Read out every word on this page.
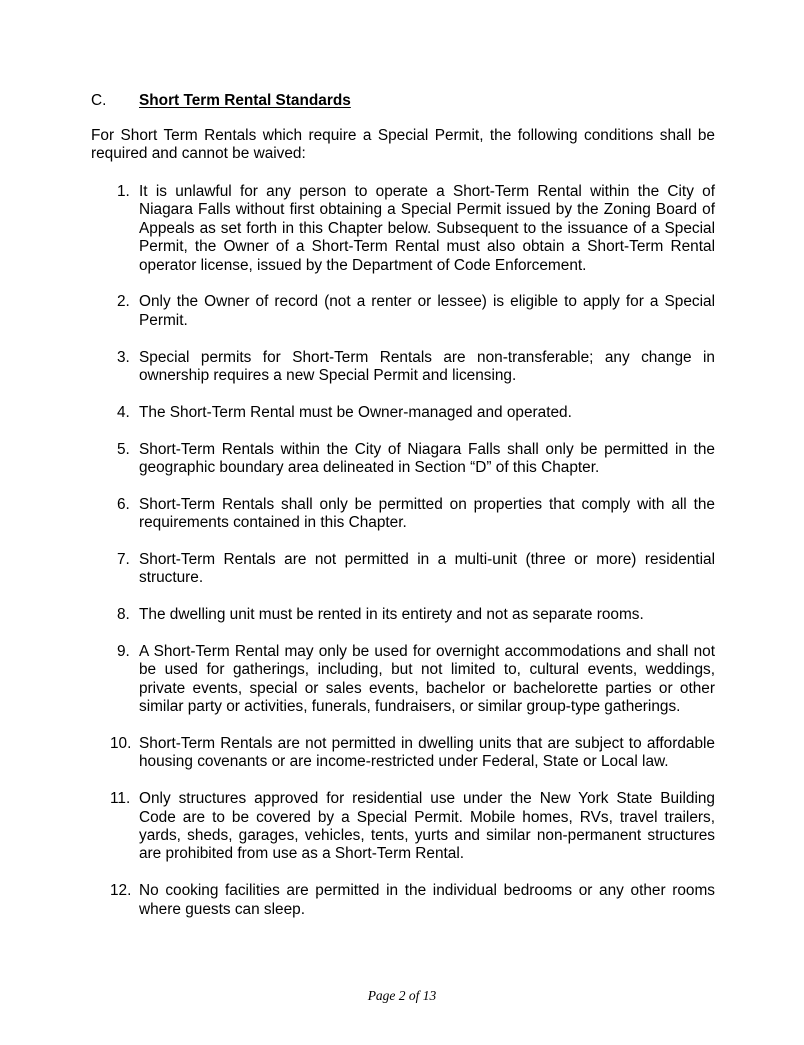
C. Short Term Rental Standards

For Short Term Rentals which require a Special Permit, the following conditions shall be required and cannot be waived:

1. It is unlawful for any person to operate a Short-Term Rental within the City of Niagara Falls without first obtaining a Special Permit issued by the Zoning Board of Appeals as set forth in this Chapter below. Subsequent to the issuance of a Special Permit, the Owner of a Short-Term Rental must also obtain a Short-Term Rental operator license, issued by the Department of Code Enforcement.
2. Only the Owner of record (not a renter or lessee) is eligible to apply for a Special Permit.
3. Special permits for Short-Term Rentals are non-transferable; any change in ownership requires a new Special Permit and licensing.
4. The Short-Term Rental must be Owner-managed and operated.
5. Short-Term Rentals within the City of Niagara Falls shall only be permitted in the geographic boundary area delineated in Section “D” of this Chapter.
6. Short-Term Rentals shall only be permitted on properties that comply with all the requirements contained in this Chapter.
7. Short-Term Rentals are not permitted in a multi-unit (three or more) residential structure.
8. The dwelling unit must be rented in its entirety and not as separate rooms.
9. A Short-Term Rental may only be used for overnight accommodations and shall not be used for gatherings, including, but not limited to, cultural events, weddings, private events, special or sales events, bachelor or bachelorette parties or other similar party or activities, funerals, fundraisers, or similar group-type gatherings.
10. Short-Term Rentals are not permitted in dwelling units that are subject to affordable housing covenants or are income-restricted under Federal, State or Local law.
11. Only structures approved for residential use under the New York State Building Code are to be covered by a Special Permit. Mobile homes, RVs, travel trailers, yards, sheds, garages, vehicles, tents, yurts and similar non-permanent structures are prohibited from use as a Short-Term Rental.
12. No cooking facilities are permitted in the individual bedrooms or any other rooms where guests can sleep.
Page 2 of 13
